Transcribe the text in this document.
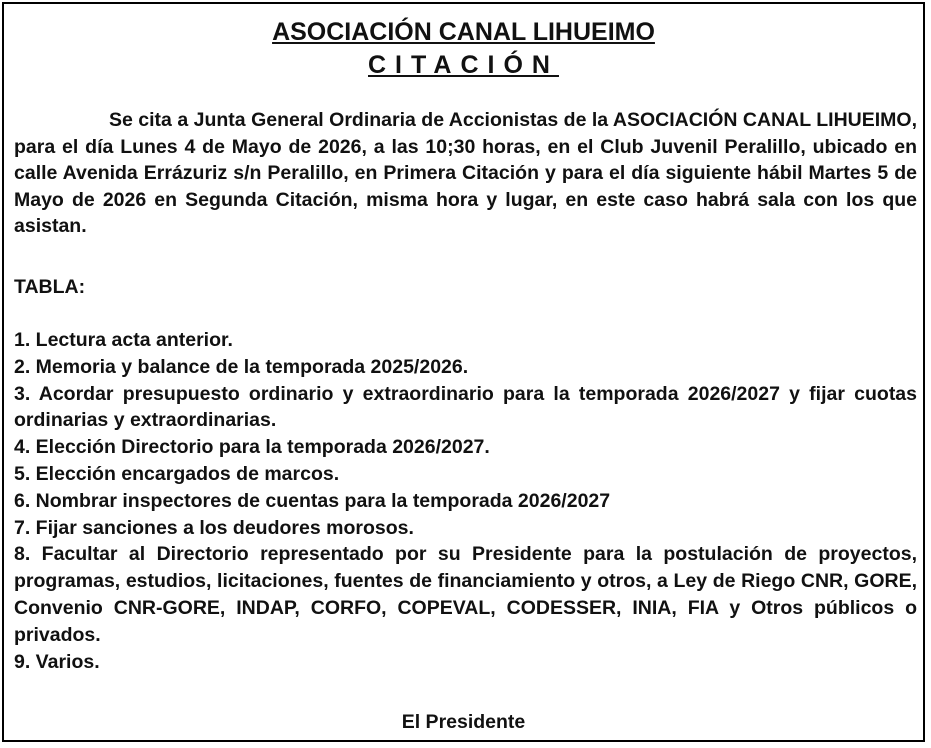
ASOCIACIÓN CANAL LIHUEIMO
CITACIÓN
Se cita a Junta General Ordinaria de Accionistas de la ASOCIACIÓN CANAL LIHUEIMO, para el día Lunes 4 de Mayo de 2026, a las 10;30 horas, en el Club Juvenil Peralillo, ubicado en calle Avenida Errázuriz s/n Peralillo, en Primera Citación y para el día siguiente hábil Martes 5 de Mayo de 2026 en Segunda Citación, misma hora y lugar, en este caso habrá sala con los que asistan.
TABLA:
1. Lectura acta anterior.
2. Memoria y balance de la temporada 2025/2026.
3. Acordar presupuesto ordinario y extraordinario para la temporada 2026/2027 y fijar cuotas ordinarias y extraordinarias.
4. Elección Directorio para la temporada 2026/2027.
5. Elección encargados de marcos.
6. Nombrar inspectores de cuentas para la temporada 2026/2027
7. Fijar sanciones a los deudores morosos.
8. Facultar al Directorio representado por su Presidente para la postulación de proyectos, programas, estudios, licitaciones, fuentes de financiamiento y otros, a Ley de Riego CNR, GORE, Convenio CNR-GORE, INDAP, CORFO, COPEVAL, CODESSER, INIA, FIA y Otros públicos o privados.
9. Varios.
El Presidente
